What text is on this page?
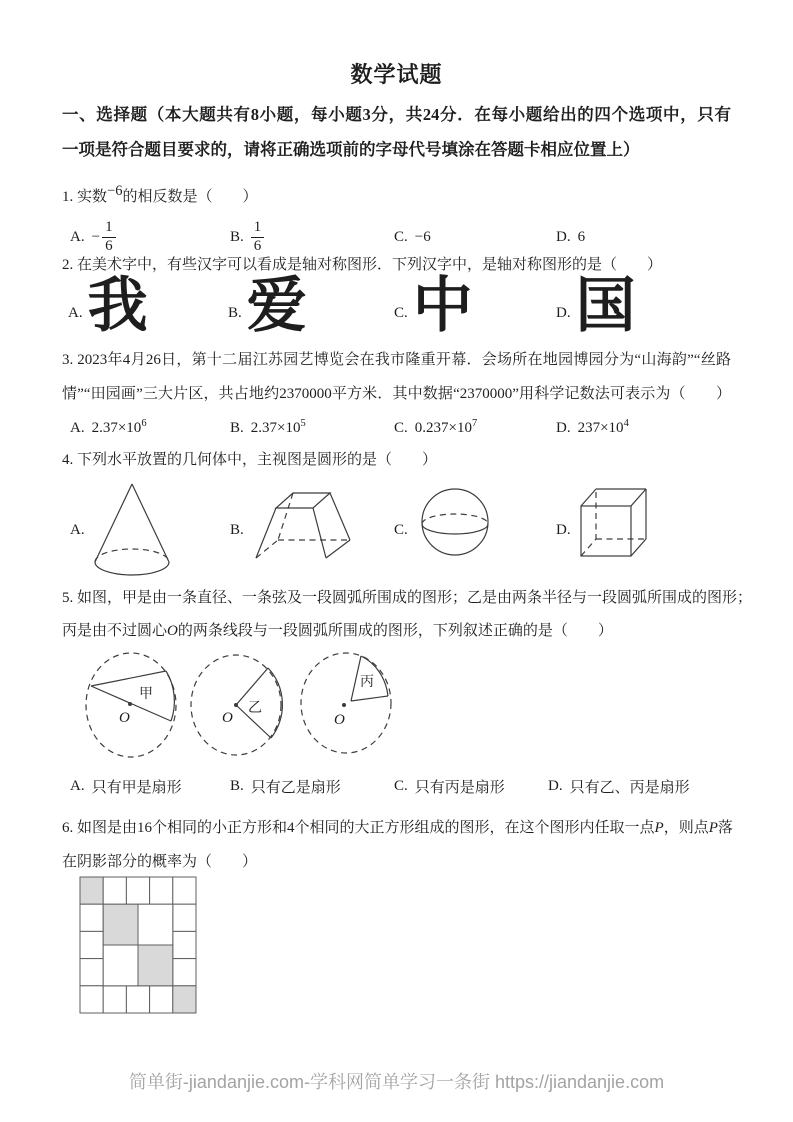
数学试题
一、选择题（本大题共有8小题，每小题3分，共24分．在每小题给出的四个选项中，只有
一项是符合题目要求的，请将正确选项前的字母代号填涂在答题卡相应位置上）
1. 实数−6的相反数是（　　）
A. − $\frac{1}{6}$	B. $\frac{1}{6}$	C. −6	D. 6
2. 在美术字中，有些汉字可以看成是轴对称图形．下列汉字中，是轴对称图形的是（　　）
A. 我	B. 爱	C. 中	D. 国
3. 2023年4月26日，第十二届江苏园艺博览会在我市隆重开幕．会场所在地园博园分为“山海韵”“丝路
情”“田园画”三大片区，共占地约2370000平方米．其中数据“2370000”用科学记数法可表示为（　　）
A. $2.37\times 10^6$	B. $2.37\times 10^5$	C. $0.237\times 10^7$	D. $237\times 10^4$
4. 下列水平放置的几何体中，主视图是圆形的是（　　）
A.	B.	C.	D.
5. 如图，甲是由一条直径、一条弦及一段圆弧所围成的图形；乙是由两条半径与一段圆弧所围成的图形；
丙是由不过圆心O的两条线段与一段圆弧所围成的图形，下列叙述正确的是（　　）
O
甲
O
乙
O
丙
A. 只有甲是扇形	B. 只有乙是扇形	C. 只有丙是扇形	D. 只有乙、丙是扇形
6. 如图是由16个相同的小正方形和4个相同的大正方形组成的图形，在这个图形内任取一点P，则点P落
在阴影部分的概率为（　　）
简单街-jiandanjie.com-学科网简单学习一条街 https://jiandanjie.com
